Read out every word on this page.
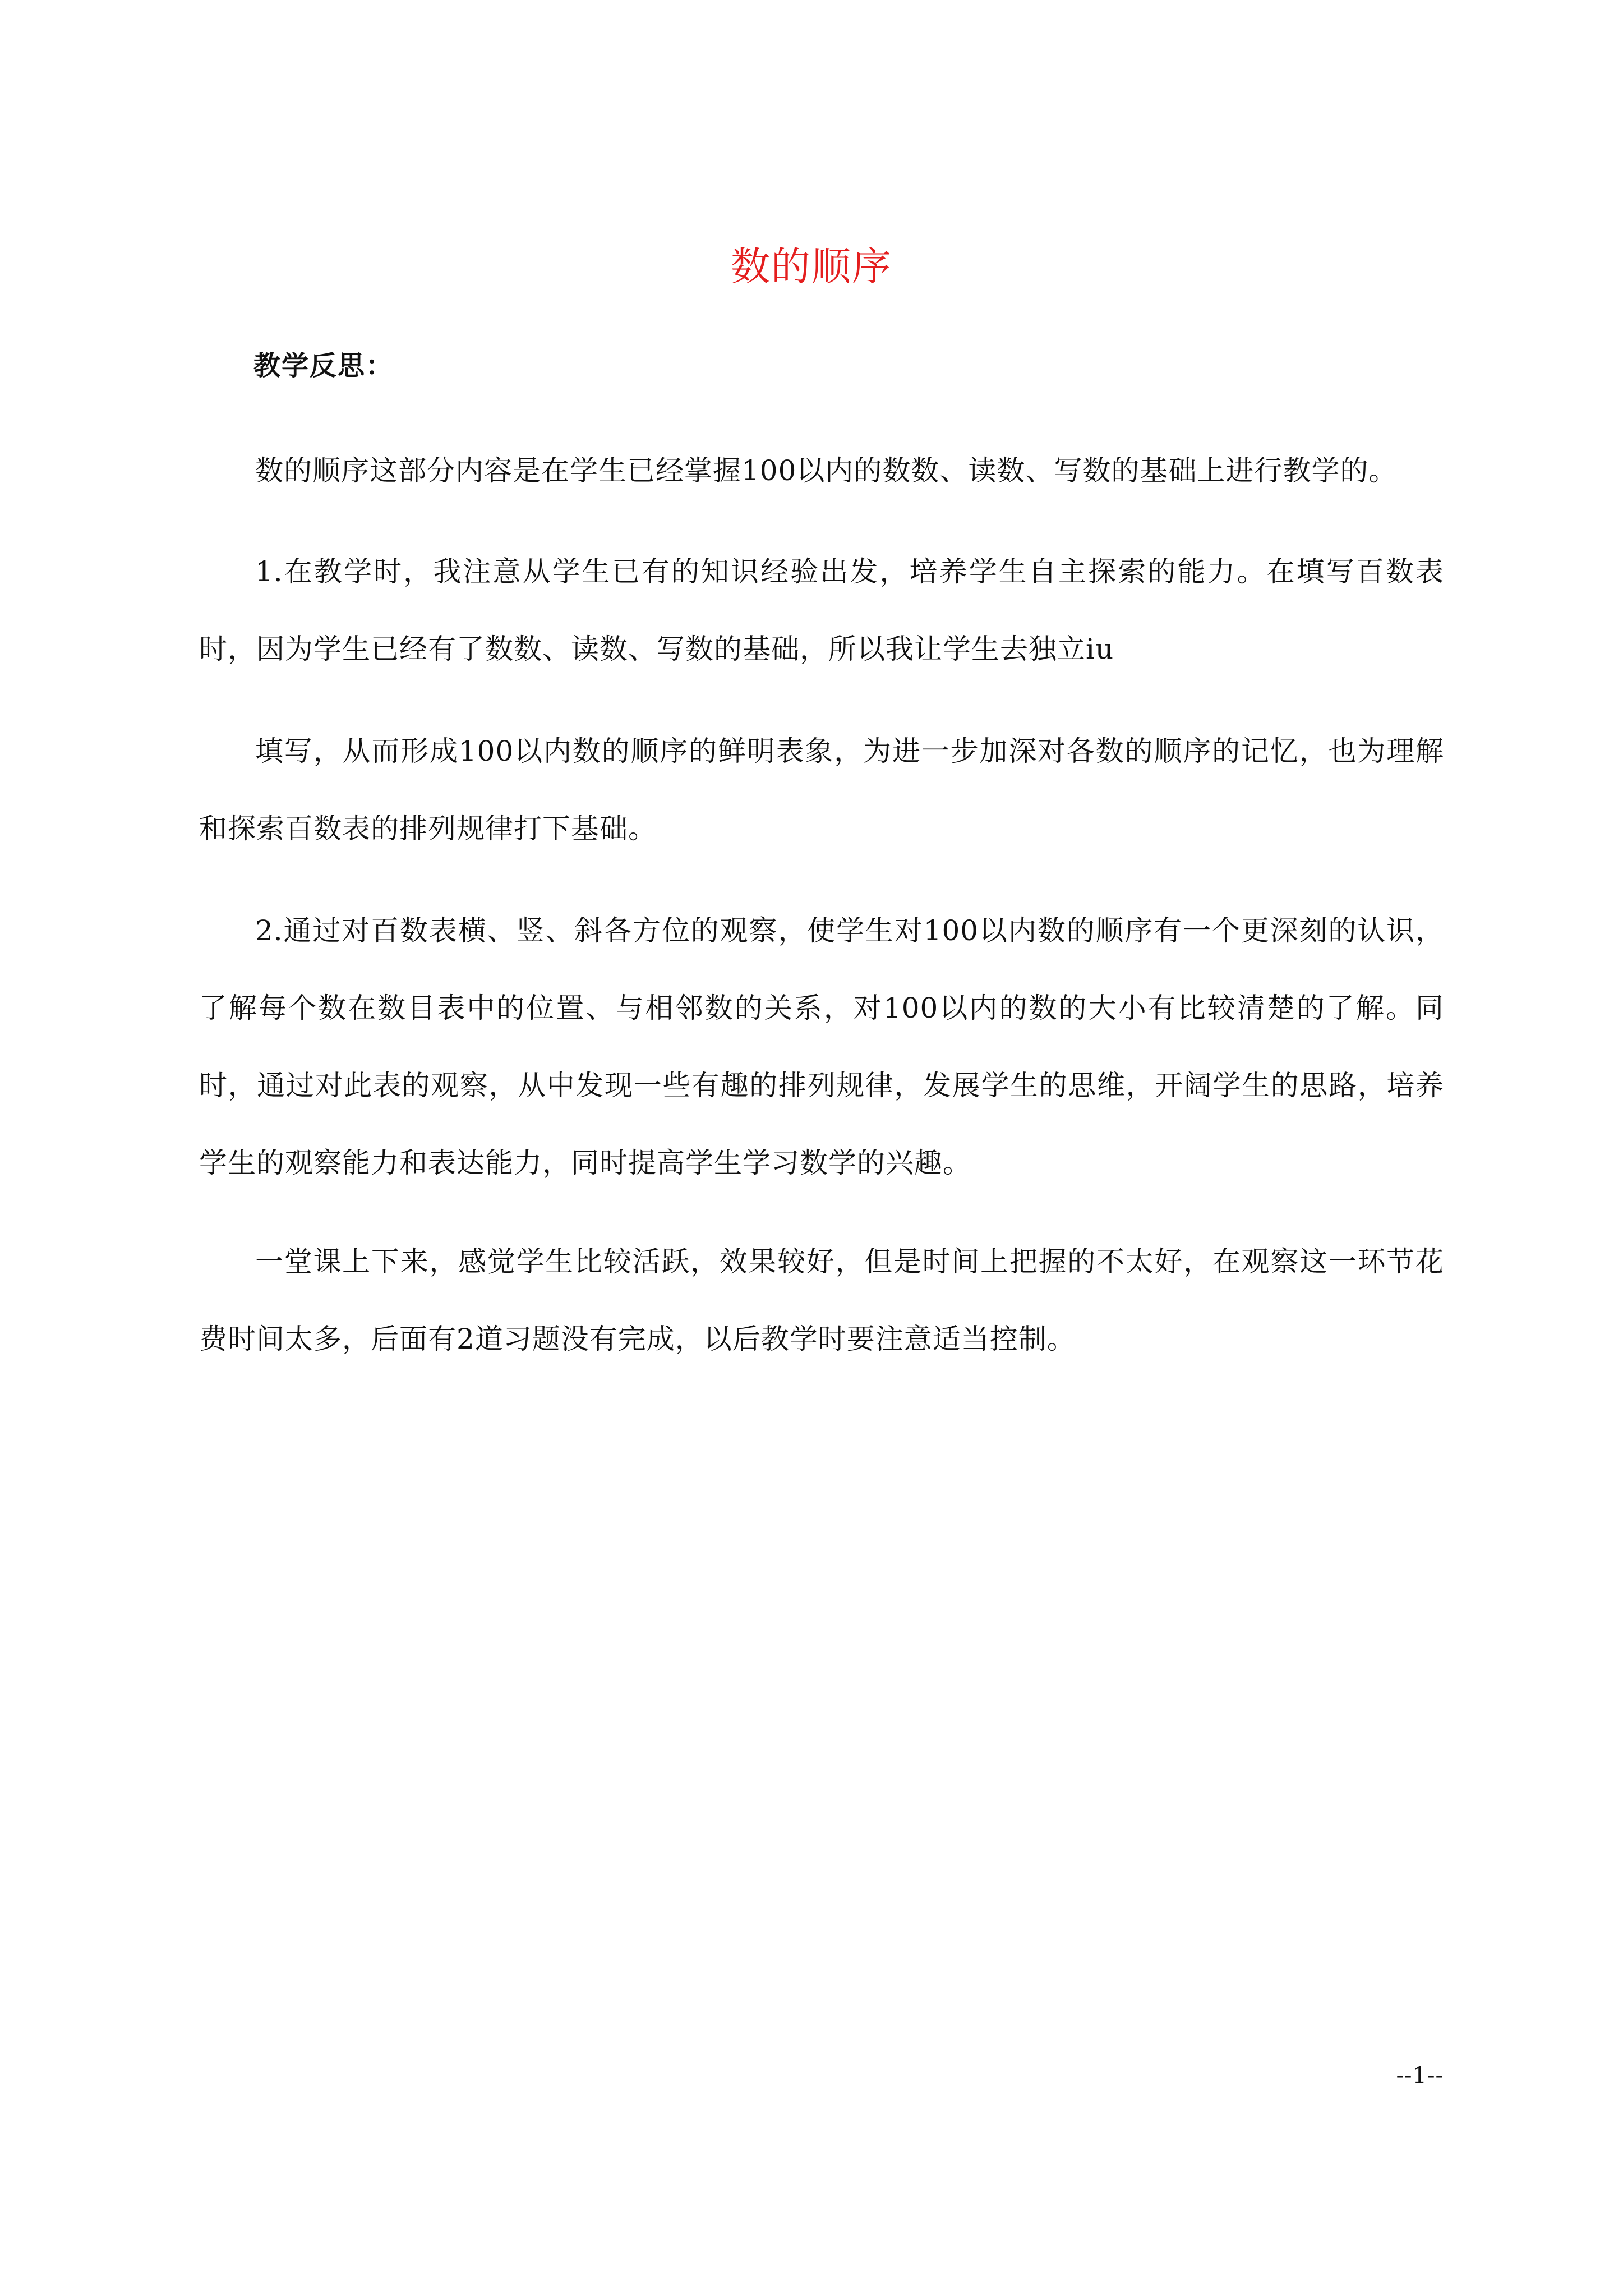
数的顺序
教学反思：

数的顺序这部分内容是在学生已经掌握100以内的数数、读数、写数的基础上进行教学的。

1.在教学时，我注意从学生已有的知识经验出发，培养学生自主探索的能力。在填写百数表时，因为学生已经有了数数、读数、写数的基础，所以我让学生去独立iu

填写，从而形成100以内数的顺序的鲜明表象，为进一步加深对各数的顺序的记忆，也为理解和探索百数表的排列规律打下基础。

2.通过对百数表横、竖、斜各方位的观察，使学生对100以内数的顺序有一个更深刻的认识，了解每个数在数目表中的位置、与相邻数的关系，对100以内的数的大小有比较清楚的了解。同时，通过对此表的观察，从中发现一些有趣的排列规律，发展学生的思维，开阔学生的思路，培养学生的观察能力和表达能力，同时提高学生学习数学的兴趣。

一堂课上下来，感觉学生比较活跃，效果较好，但是时间上把握的不太好，在观察这一环节花费时间太多，后面有2道习题没有完成，以后教学时要注意适当控制。

--1--
